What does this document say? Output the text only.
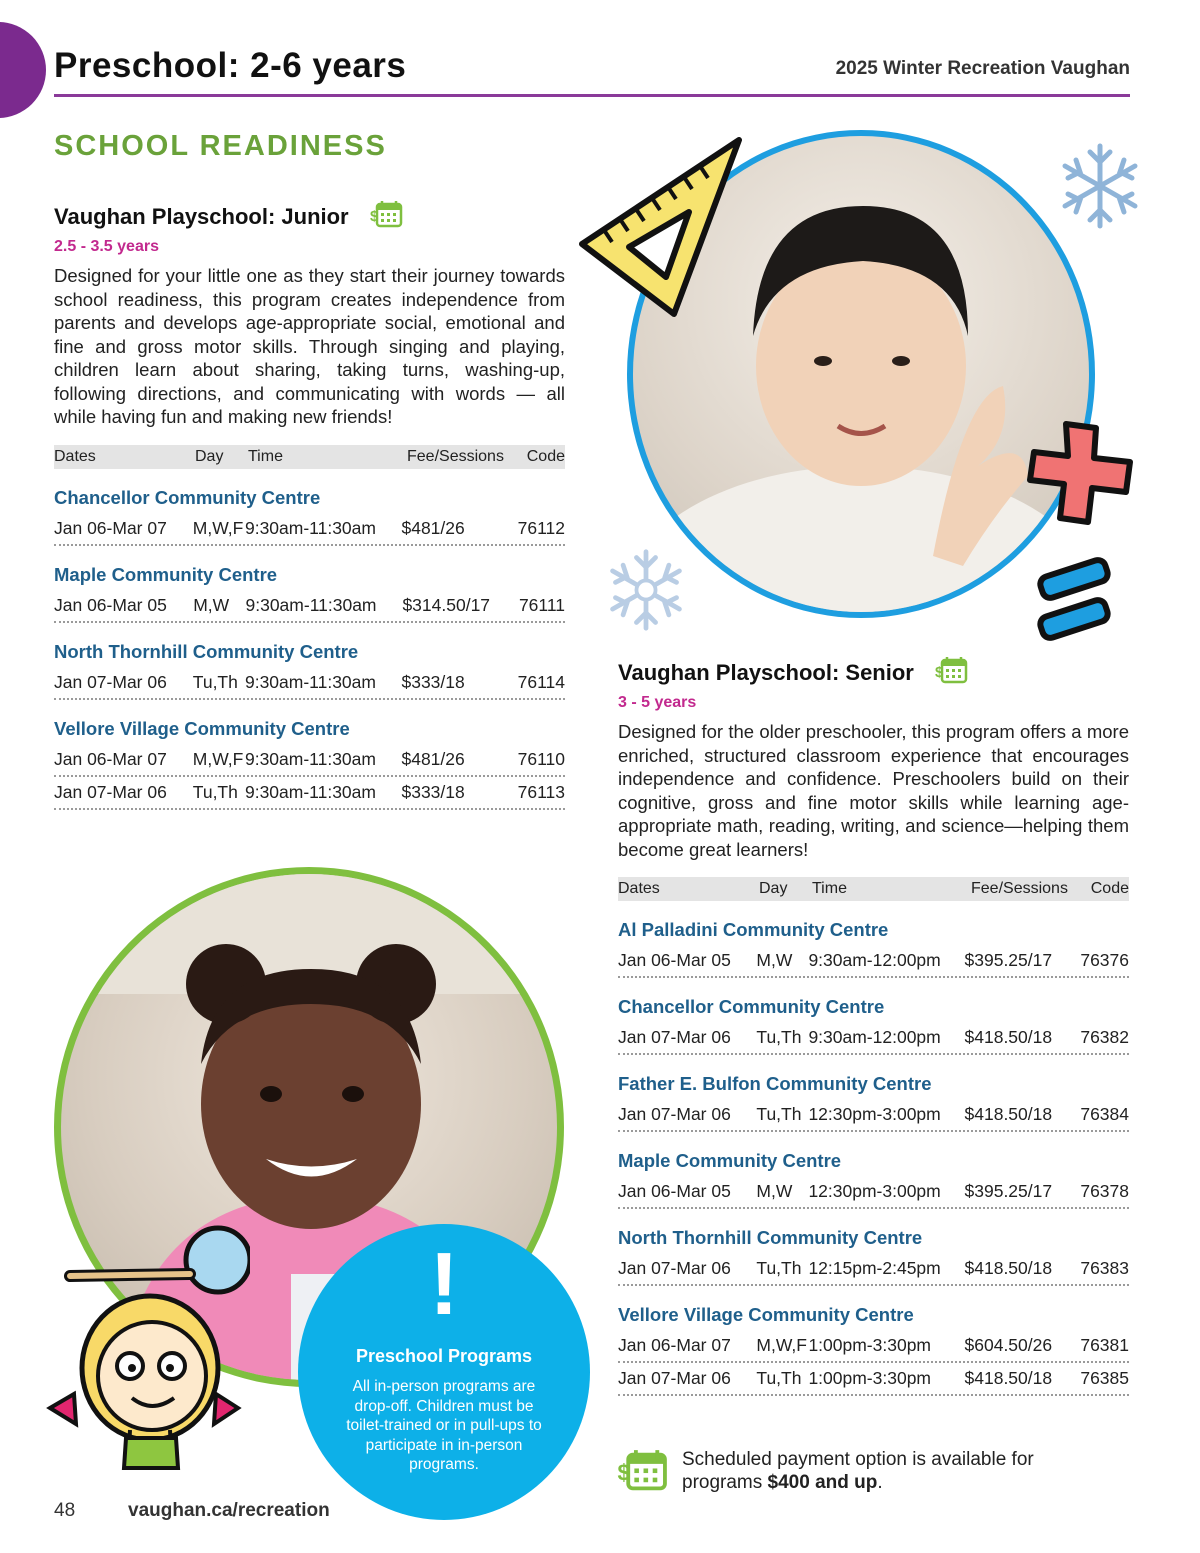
Preschool: 2-6 years	2025 Winter Recreation Vaughan
SCHOOL READINESS
Vaughan Playschool: Junior $
2.5 - 3.5 years
Designed for your little one as they start their journey towards school readiness, this program creates independence from parents and develops age-appropriate social, emotional and fine and gross motor skills. Through singing and playing, children learn about sharing, taking turns, washing-up, following directions, and communicating with words — all while having fun and making new friends!
Dates	Day	Time	Fee/Sessions	Code
Chancellor Community Centre
Jan 06-Mar 07	M,W,F 9:30am-11:30am	$481/26	76112
Maple Community Centre
Jan 06-Mar 05	M,W 9:30am-11:30am	$314.50/17	76111
North Thornhill Community Centre
Jan 07-Mar 06	Tu,Th 9:30am-11:30am	$333/18	76114
Vellore Village Community Centre
Jan 06-Mar 07	M,W,F 9:30am-11:30am	$481/26	76110
Jan 07-Mar 06	Tu,Th 9:30am-11:30am	$333/18	76113
Vaughan Playschool: Senior $
3 - 5 years
Designed for the older preschooler, this program offers a more enriched, structured classroom experience that encourages independence and confidence. Preschoolers build on their cognitive, gross and fine motor skills while learning age-appropriate math, reading, writing, and science—helping them become great learners!
Dates	Day	Time	Fee/Sessions	Code
Al Palladini Community Centre
Jan 06-Mar 05	M,W 9:30am-12:00pm	$395.25/17	76376
Chancellor Community Centre
Jan 07-Mar 06	Tu,Th 9:30am-12:00pm	$418.50/18	76382
Father E. Bulfon Community Centre
Jan 07-Mar 06	Tu,Th 12:30pm-3:00pm	$418.50/18	76384
Maple Community Centre
Jan 06-Mar 05	M,W 12:30pm-3:00pm	$395.25/17	76378
North Thornhill Community Centre
Jan 07-Mar 06	Tu,Th 12:15pm-2:45pm	$418.50/18	76383
Vellore Village Community Centre
Jan 06-Mar 07	M,W,F 1:00pm-3:30pm	$604.50/26	76381
Jan 07-Mar 06	Tu,Th 1:00pm-3:30pm	$418.50/18	76385
!
Preschool Programs
All in-person programs are drop-off. Children must be toilet-trained or in pull-ups to participate in in-person programs.	$
Scheduled payment option is available for programs $400 and up.
48	vaughan.ca/recreation
